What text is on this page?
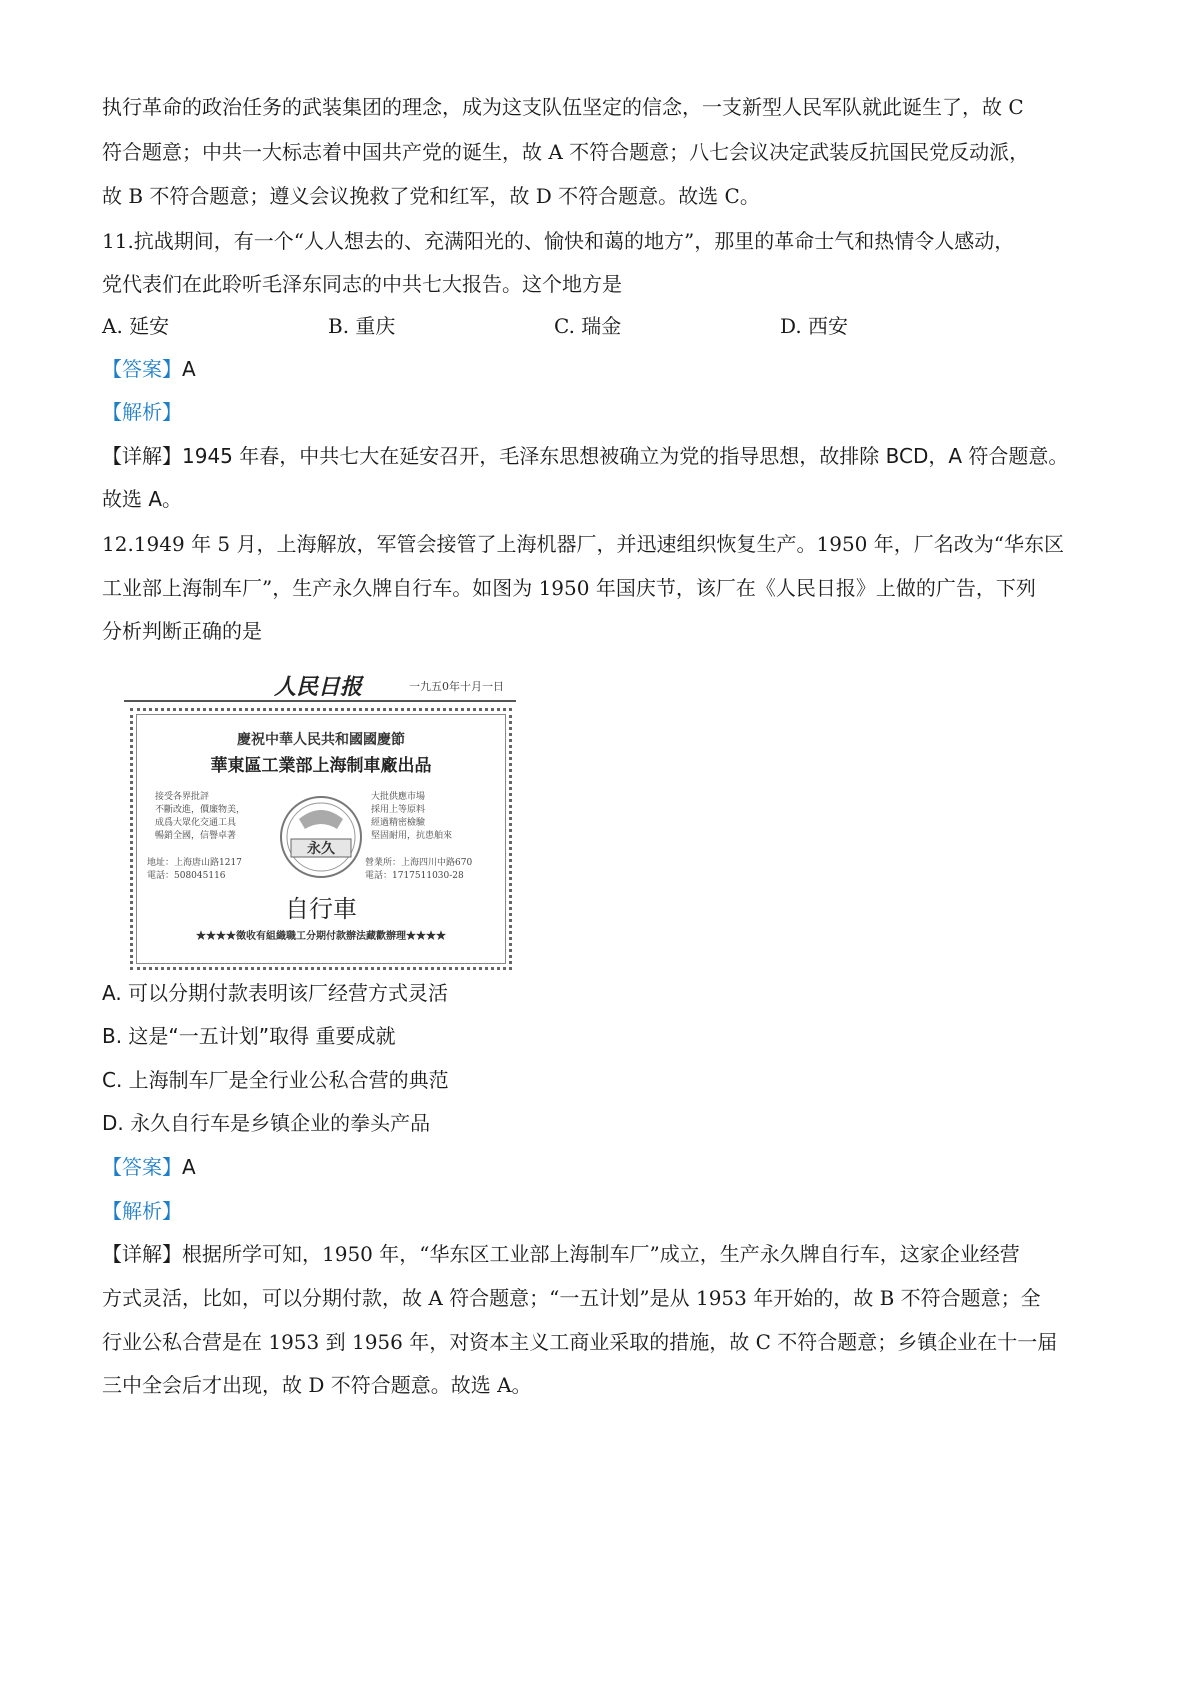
执行革命的政治任务的武装集团的理念，成为这支队伍坚定的信念，一支新型人民军队就此诞生了，故 C
符合题意；中共一大标志着中国共产党的诞生，故 A 不符合题意；八七会议决定武装反抗国民党反动派，
故 B 不符合题意；遵义会议挽救了党和红军，故 D 不符合题意。故选 C。
11.抗战期间，有一个“人人想去的、充满阳光的、愉快和蔼的地方”，那里的革命士气和热情令人感动，
党代表们在此聆听毛泽东同志的中共七大报告。这个地方是
A. 延安	B. 重庆	C. 瑞金	D. 西安
【答案】A
【解析】
【详解】1945 年春，中共七大在延安召开，毛泽东思想被确立为党的指导思想，故排除 BCD，A 符合题意。
故选 A。
12.1949 年 5 月，上海解放，军管会接管了上海机器厂，并迅速组织恢复生产。1950 年，厂名改为“华东区
工业部上海制车厂”，生产永久牌自行车。如图为 1950 年国庆节，该厂在《人民日报》上做的广告，下列
分析判断正确的是
人民日报	一九五0年十月一日
慶祝中華人民共和國國慶節
華東區工業部上海制車廠出品
接受各界批評
不斷改進，價廉物美，
成爲大眾化交通工具
暢銷全國，信譽卓著
大批供應市場
採用上等原料
經過精密檢驗
堅固耐用，抗患舶來
永久
地址：上海唐山路1217
電話：508045116
營業所：上海四川中路670
電話：1717511030-28
自行車
★★★★徵收有組織職工分期付款辦法藏歡辦理★★★★
A. 可以分期付款表明该厂经营方式灵活
B. 这是“一五计划”取得 重要成就
C. 上海制车厂是全行业公私合营的典范
D. 永久自行车是乡镇企业的拳头产品
【答案】A
【解析】
【详解】根据所学可知，1950 年，“华东区工业部上海制车厂”成立，生产永久牌自行车，这家企业经营
方式灵活，比如，可以分期付款，故 A 符合题意；“一五计划”是从 1953 年开始的，故 B 不符合题意；全
行业公私合营是在 1953 到 1956 年，对资本主义工商业采取的措施，故 C 不符合题意；乡镇企业在十一届
三中全会后才出现，故 D 不符合题意。故选 A。
